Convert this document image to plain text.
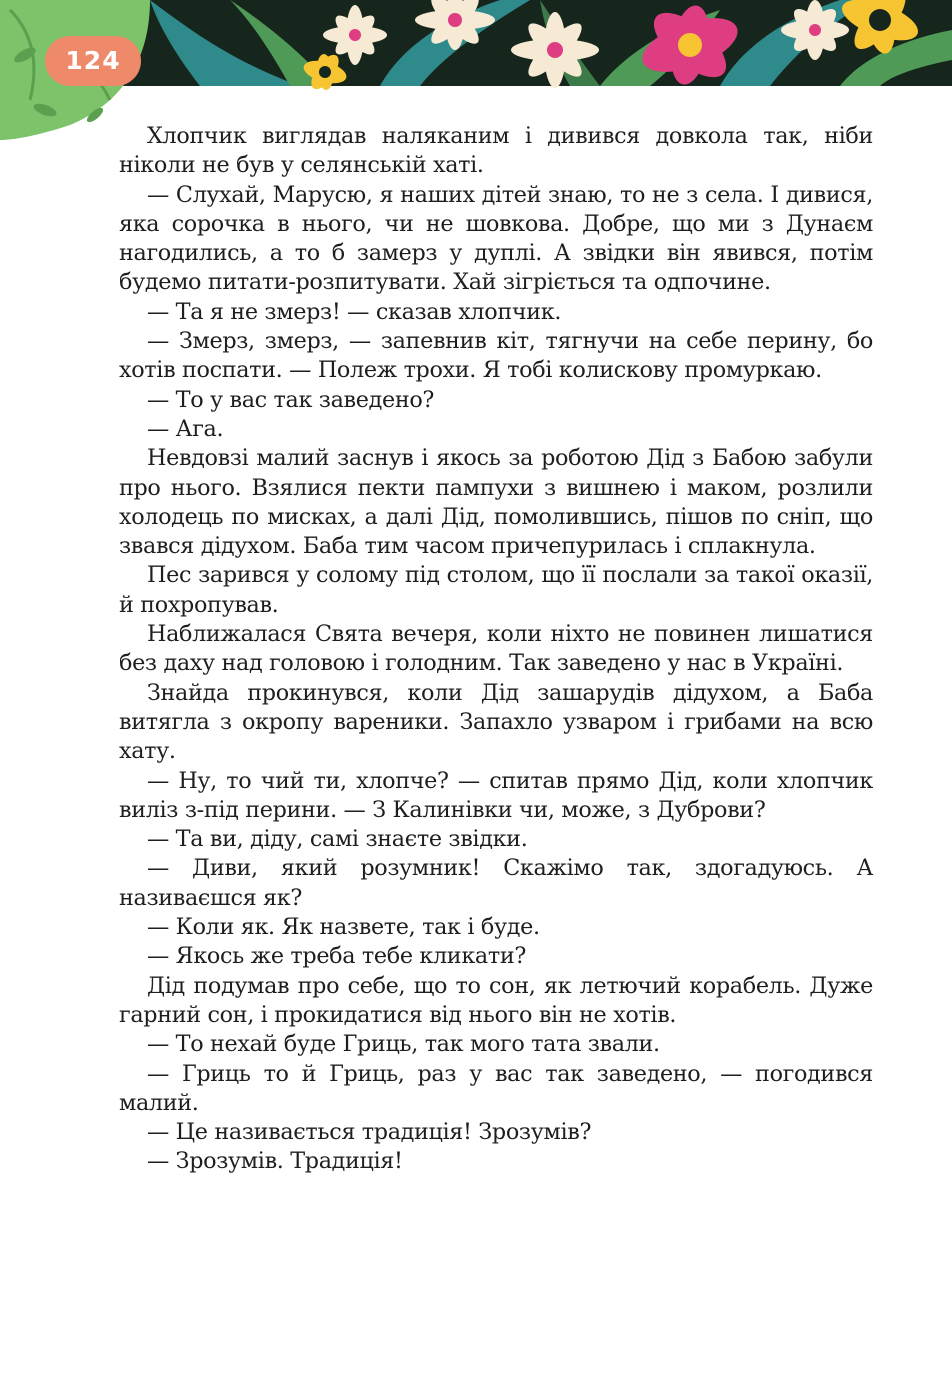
124

Хлопчик виглядав наляканим і дивився довкола так, ніби ніколи не був у селянській хаті.

— Слухай, Марусю, я наших дітей знаю, то не з села. І дивися, яка сорочка в нього, чи не шовкова. Добре, що ми з Дунаєм нагодились, а то б замерз у дуплі. А звідки він явився, потім будемо питати-розпитувати. Хай зігріється та одпочине.

— Та я не змерз! — сказав хлопчик.

— Змерз, змерз, — запевнив кіт, тягнучи на себе перину, бо хотів поспати. — Полеж трохи. Я тобі колискову промуркаю.

— То у вас так заведено?

— Ага.

Невдовзі малий заснув і якось за роботою Дід з Бабою забули про нього. Взялися пекти пампухи з вишнею і маком, розлили холодець по мисках, а далі Дід, помолившись, пішов по сніп, що звався дідухом. Баба тим часом причепурилась і сплакнула.

Пес зарився у солому під столом, що її послали за такої оказії, й похропував.

Наближалася Свята вечеря, коли ніхто не повинен лишатися без даху над головою і голодним. Так заведено у нас в Україні.

Знайда прокинувся, коли Дід зашарудів дідухом, а Баба витягла з окропу вареники. Запахло узваром і грибами на всю хату.

— Ну, то чий ти, хлопче? — спитав прямо Дід, коли хлопчик виліз з-під перини. — З Калинівки чи, може, з Дуброви?

— Та ви, діду, самі знаєте звідки.

— Диви, який розумник! Скажімо так, здогадуюсь. А називаєшся як?

— Коли як. Як назвете, так і буде.

— Якось же треба тебе кликати?

Дід подумав про себе, що то сон, як летючий корабель. Дуже гарний сон, і прокидатися від нього він не хотів.

— То нехай буде Гриць, так мого тата звали.

— Гриць то й Гриць, раз у вас так заведено, — погодився малий.

— Це називається традиція! Зрозумів?

— Зрозумів. Традиція!
